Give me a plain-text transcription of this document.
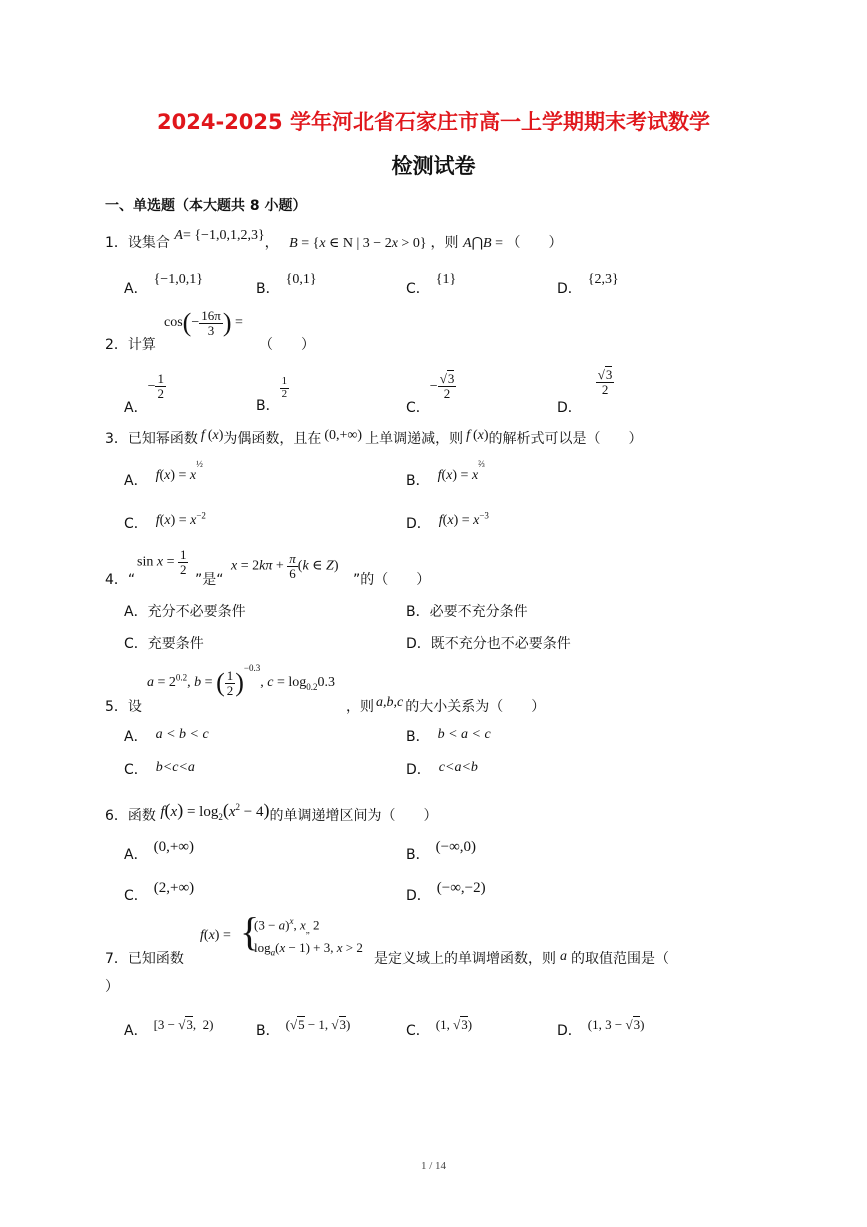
2024-2025 学年河北省石家庄市高一上学期期末考试数学
检测试卷
一、单选题（本大题共 8 小题）
1．设集合 A= {−1,0,1,2,3}， B = {x ∈ N | 3 − 2x > 0} ，则 A⋂B = （　　）
A．{−1,0,1}
B．{0,1}
C．{1}
D．{2,3}
2．计算
$\cos(- \frac{16\pi}{3}$ ) =
（　　）
A．− $\frac{1}{2}$
B．
$\frac{1}{2}$
C．− $\frac{√3}{2}$
D．
$\frac{√3}{2}$
3．已知幂函数 f (x)为偶函数，且在 (0,+∞) 上单调递减，则 f (x)的解析式可以是（　　）
A． $f(x) = x^{\frac{1}{2}}$
B． $f(x) = x^{\frac{2}{3}}$
C． $f(x) = x^{-2}$
D． $f(x) = x^{-3}$
4．“
$\sin x = \frac{1}{2}$
”是“
$x = 2k\pi + \frac{\pi}{6} (k$ ∈ Z)
”的（　　）
A．充分不必要条件	B．必要不充分条件
C．充要条件	D．既不充分也不必要条件
5．设
$a = 2^{0.2}$, b = ( $\frac{1}{2} )^{-0.3}$, $c = \log_{0.2}0.3$
，则 a,b,c 的大小关系为（　　）
A． a < b < c	B． b < a < c
C． b<c<a	D． c<a<b
6．函数 $f(x) = \log_2(x^2 - 4)$的单调递增区间为（　　）
A． (0,+∞)	B． (−∞,0)
C． (2,+∞)	D． (−∞,−2)
7．已知函数
f(x) = {
$(3 - a)^x$, $x_„$ 2
$\log_a(x - 1) + 3$, x > 2
是定义域上的单调增函数，则 a 的取值范围是（
）
A． [3 − √3,  2)	B． (√5 − 1, √3)	C． (1, √3)	D． (1, 3 − √3)
1 / 14
